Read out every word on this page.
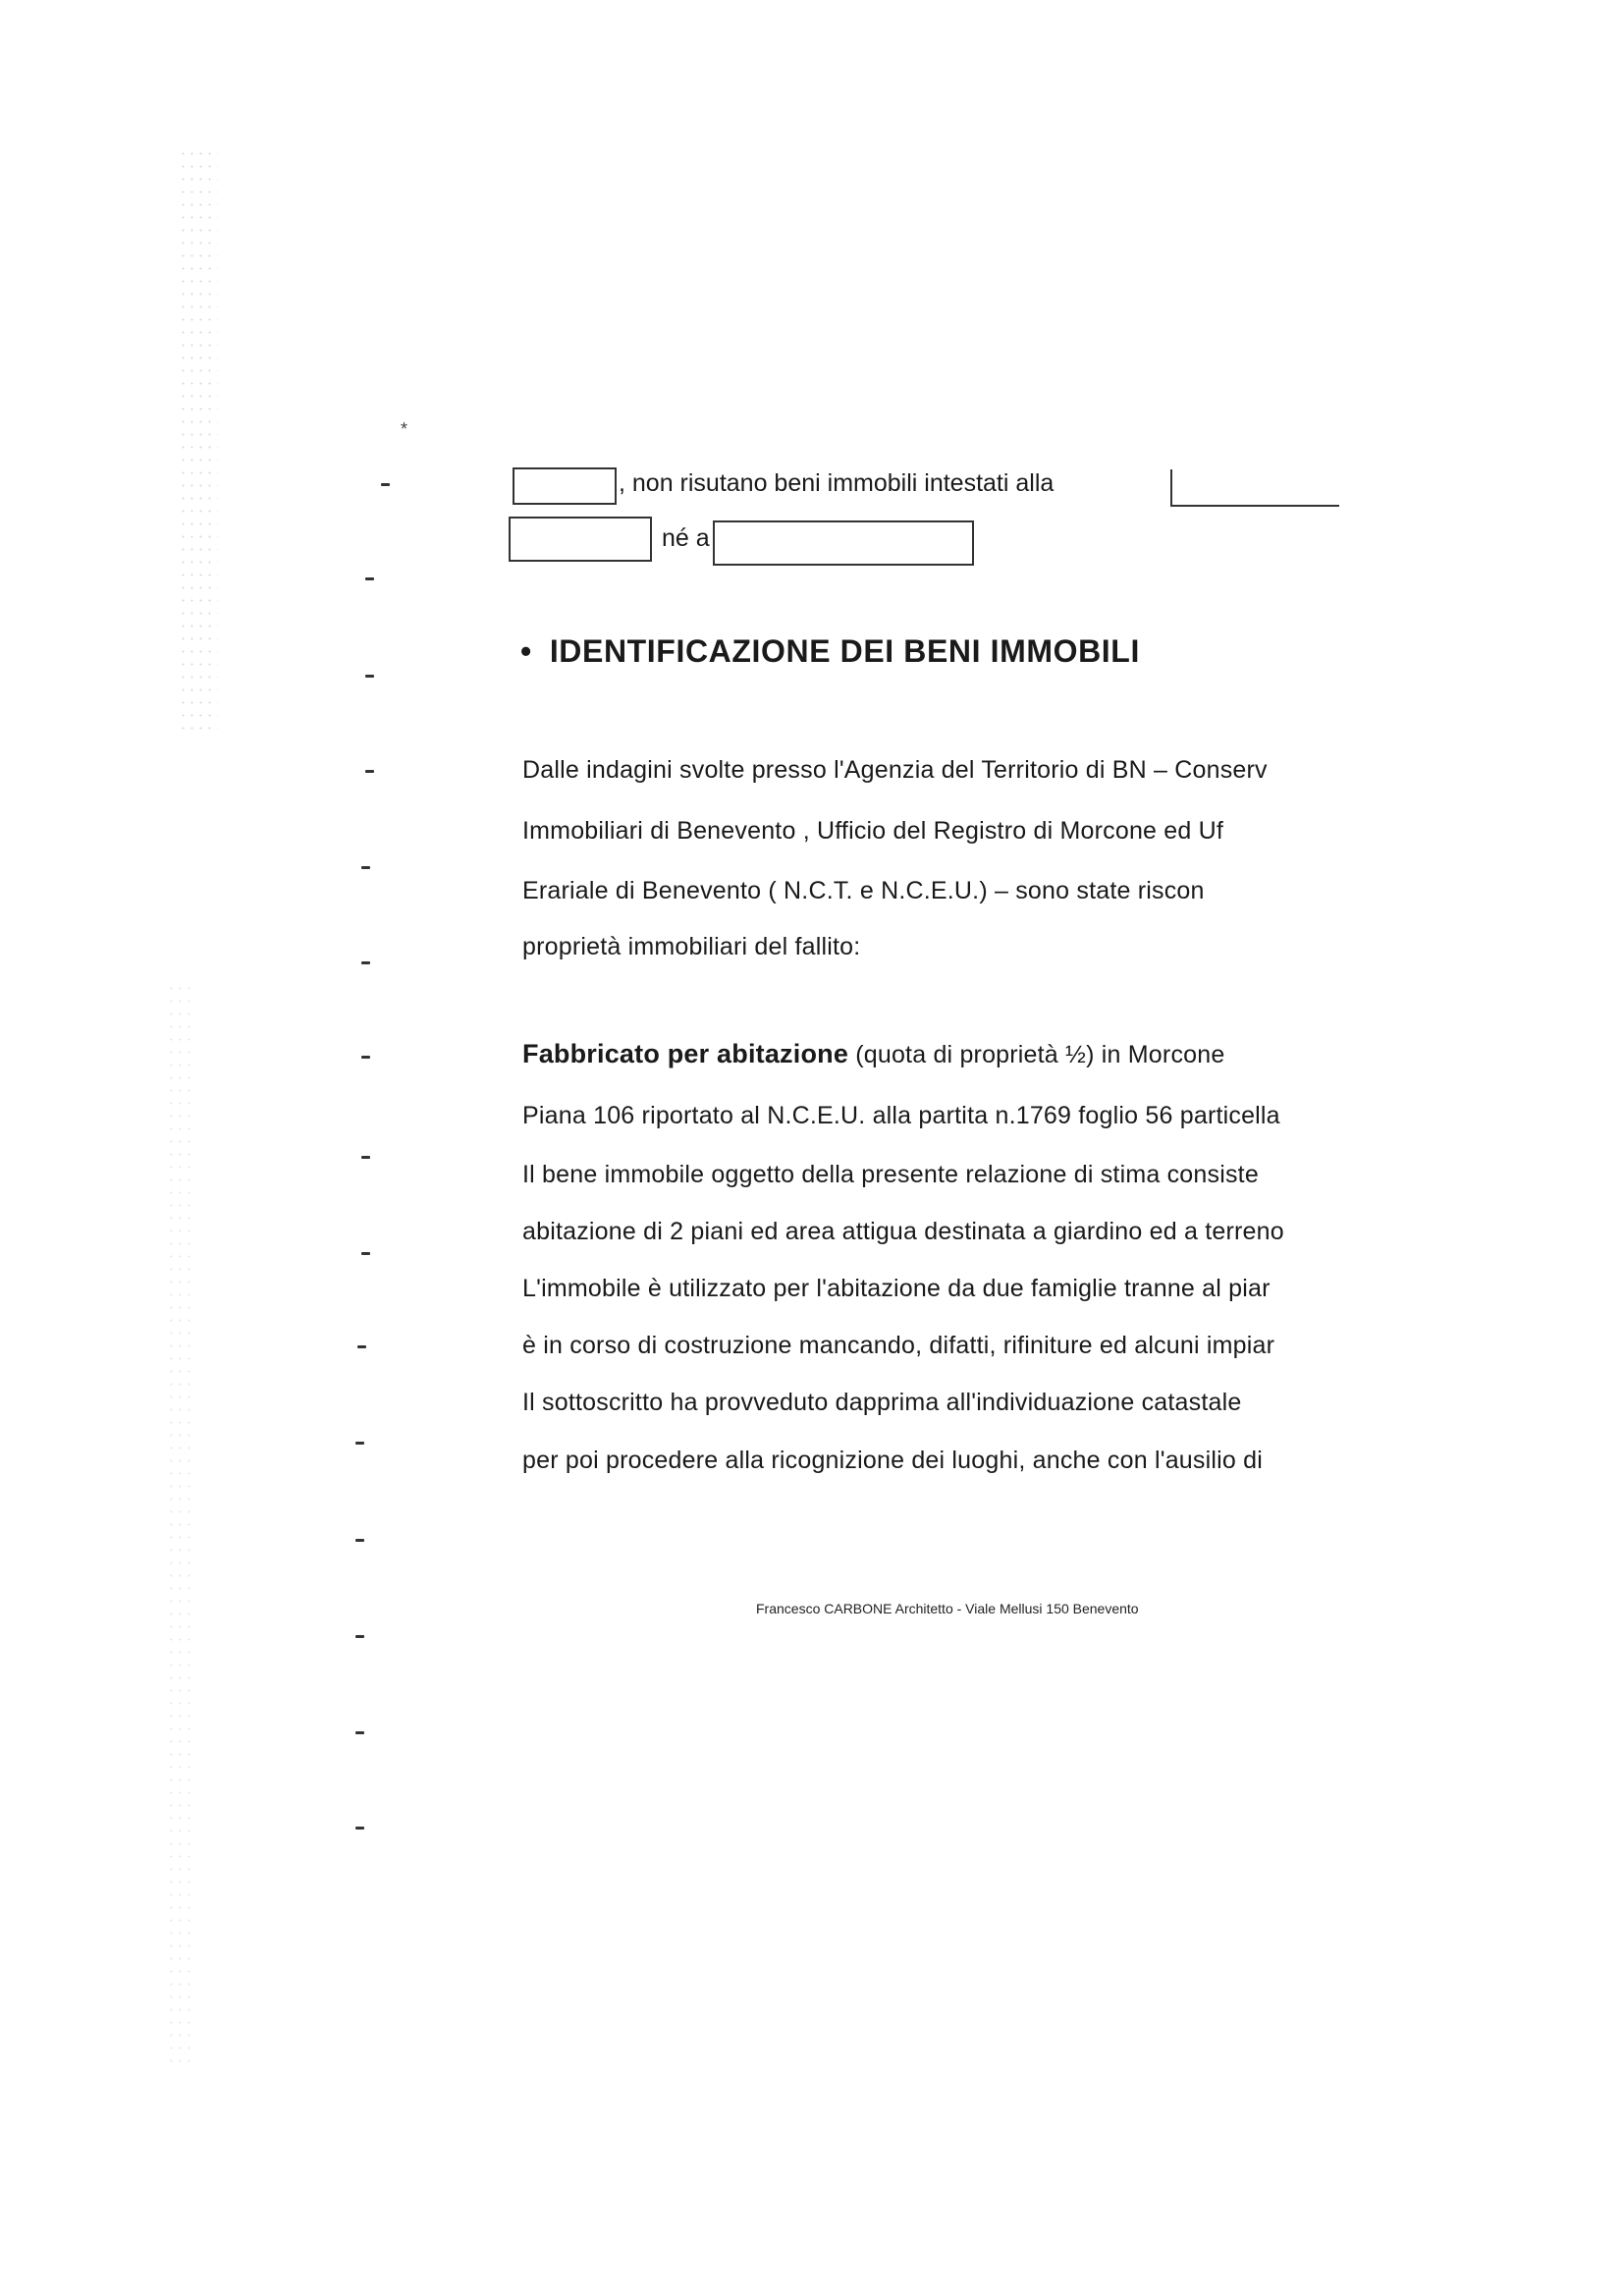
*
, non risutano beni immobili intestati alla
né a
• IDENTIFICAZIONE DEI BENI IMMOBILI
Dalle indagini svolte presso l'Agenzia del Territorio di BN – Conserv
Immobiliari di Benevento , Ufficio del Registro di Morcone ed Uf
Erariale di Benevento ( N.C.T. e N.C.E.U.) – sono state riscon
proprietà immobiliari del fallito:
Fabbricato per abitazione (quota di proprietà ½) in Morcone
Piana 106 riportato al N.C.E.U. alla partita n.1769 foglio 56 particella
Il bene immobile oggetto della presente relazione di stima consiste
abitazione di 2 piani ed area attigua destinata a giardino ed a terreno
L'immobile è utilizzato per l'abitazione da due famiglie tranne al piar
è in corso di costruzione mancando, difatti, rifiniture ed alcuni impiar
Il sottoscritto ha provveduto dapprima all'individuazione catastale
per poi procedere alla ricognizione dei luoghi, anche con l'ausilio di
Francesco CARBONE Architetto - Viale Mellusi 150 Benevento
